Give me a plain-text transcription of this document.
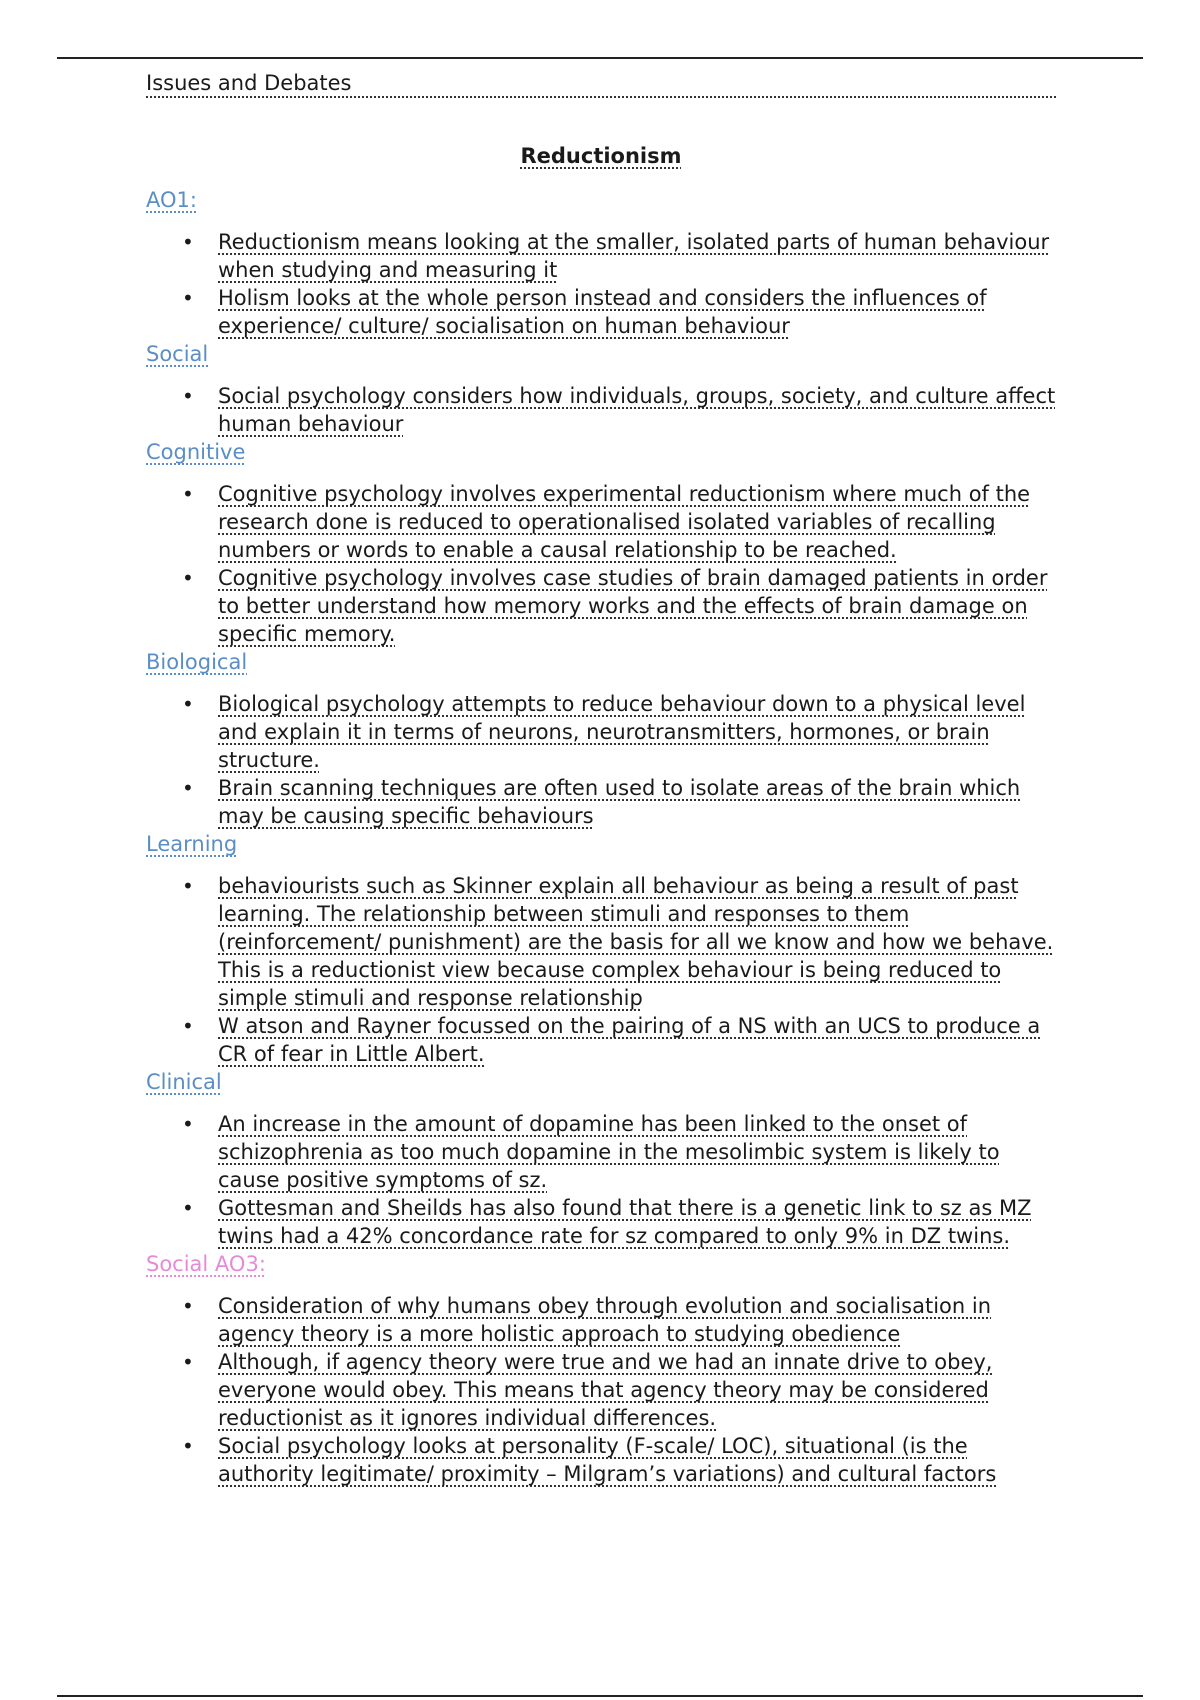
Issues and Debates
Reductionism
AO1:
• Reductionism means looking at the smaller, isolated parts of human behaviour when studying and measuring it
• Holism looks at the whole person instead and considers the influences of experience/ culture/ socialisation on human behaviour
Social
• Social psychology considers how individuals, groups, society, and culture affect human behaviour
Cognitive
• Cognitive psychology involves experimental reductionism where much of the research done is reduced to operationalised isolated variables of recalling numbers or words to enable a causal relationship to be reached.
• Cognitive psychology involves case studies of brain damaged patients in order to better understand how memory works and the effects of brain damage on specific memory.
Biological
• Biological psychology attempts to reduce behaviour down to a physical level and explain it in terms of neurons, neurotransmitters, hormones, or brain structure.
• Brain scanning techniques are often used to isolate areas of the brain which may be causing specific behaviours
Learning
• behaviourists such as Skinner explain all behaviour as being a result of past learning. The relationship between stimuli and responses to them (reinforcement/ punishment) are the basis for all we know and how we behave. This is a reductionist view because complex behaviour is being reduced to simple stimuli and response relationship
• W atson and Rayner focussed on the pairing of a NS with an UCS to produce a CR of fear in Little Albert.
Clinical
• An increase in the amount of dopamine has been linked to the onset of schizophrenia as too much dopamine in the mesolimbic system is likely to cause positive symptoms of sz.
• Gottesman and Sheilds has also found that there is a genetic link to sz as MZ twins had a 42% concordance rate for sz compared to only 9% in DZ twins.
Social AO3:
• Consideration of why humans obey through evolution and socialisation in agency theory is a more holistic approach to studying obedience
• Although, if agency theory were true and we had an innate drive to obey, everyone would obey. This means that agency theory may be considered reductionist as it ignores individual differences.
• Social psychology looks at personality (F-scale/ LOC), situational (is the authority legitimate/ proximity – Milgram’s variations) and cultural factors
